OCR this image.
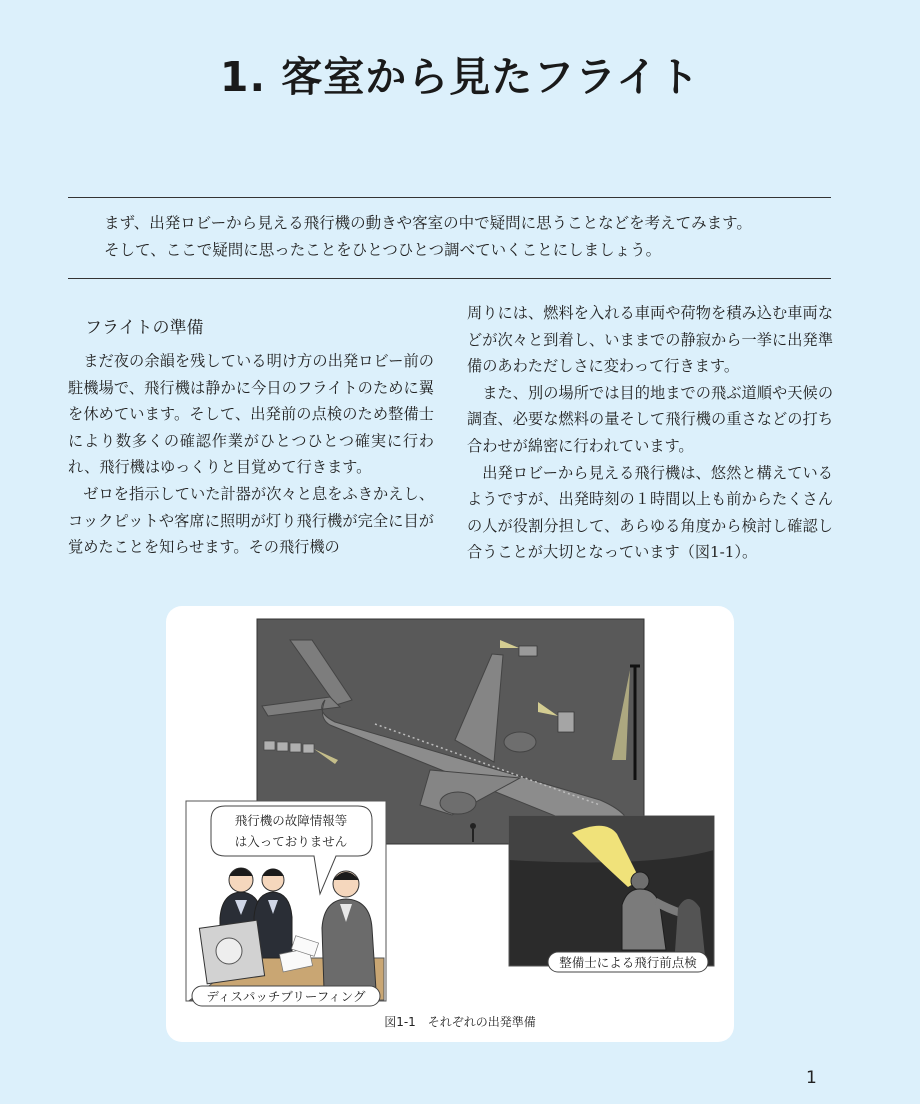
1. 客室から見たフライト

まず、出発ロビーから見える飛行機の動きや客室の中で疑問に思うことなどを考えてみます。

そして、ここで疑問に思ったことをひとつひとつ調べていくことにしましょう。

フライトの準備

まだ夜の余韻を残している明け方の出発ロビー前の駐機場で、飛行機は静かに今日のフライトのために翼を休めています。そして、出発前の点検のため整備士により数多くの確認作業がひとつひとつ確実に行われ、飛行機はゆっくりと目覚めて行きます。

ゼロを指示していた計器が次々と息をふきかえし、コックピットや客席に照明が灯り飛行機が完全に目が覚めたことを知らせます。その飛行機の

周りには、燃料を入れる車両や荷物を積み込む車両などが次々と到着し、いままでの静寂から一挙に出発準備のあわただしさに変わって行きます。

また、別の場所では目的地までの飛ぶ道順や天候の調査、必要な燃料の量そして飛行機の重さなどの打ち合わせが綿密に行われています。

出発ロビーから見える飛行機は、悠然と構えているようですが、出発時刻の１時間以上も前からたくさんの人が役割分担して、あらゆる角度から検討し確認し合うことが大切となっています（図1-1）。

飛行機の故障情報等
は入っておりません
ディスパッチブリーフィング
整備士による飛行前点検
図1-1　それぞれの出発準備
1
